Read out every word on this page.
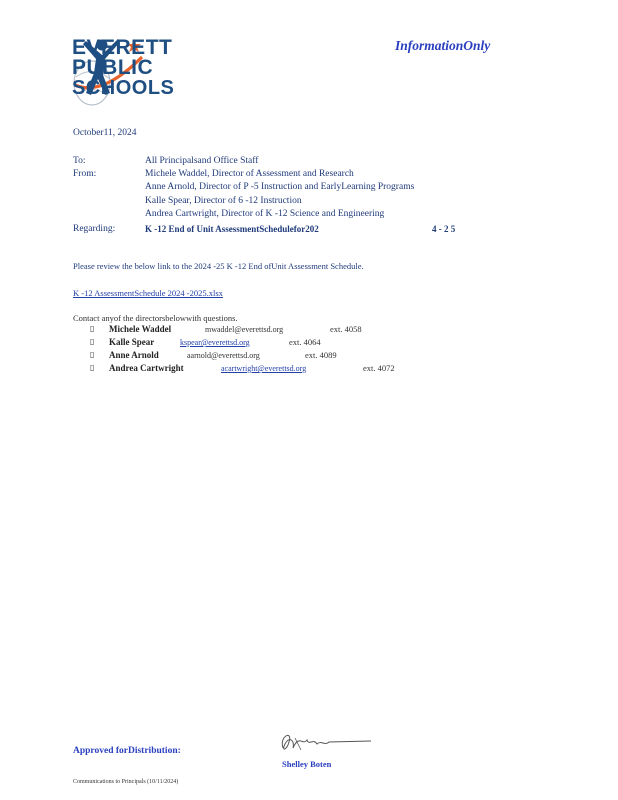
EVERETT
PUBLIC
SCHOOLS
InformationOnly
October11, 2024
To:	All Principalsand Office Staff
From:	Michele Waddel, Director of Assessment and Research
Anne Arnold, Director of P -5 Instruction and EarlyLearning Programs
Kalle Spear, Director of 6 -12 Instruction
Andrea Cartwright, Director of K -12 Science and Engineering
Regarding:	K -12 End of Unit AssessmentSchedulefor202	4 - 2 5
Please review the below link to the 2024 -25 K -12 End ofUnit Assessment Schedule.
K -12 AssessmentSchedule 2024 -2025.xlsx
Contact anyof the directorsbelowwith questions.
▯ Michele Waddel	mwaddel@everettsd.org	ext. 4058
▯ Kalle Spear	kspear@everettsd.org	ext. 4064
▯ Anne Arnold	aarnold@everettsd.org	ext. 4089
▯ Andrea Cartwright	acartwright@everettsd.org	ext. 4072
Approved forDistribution:
Shelley Boten
Communications to Principals (10/11/2024)
